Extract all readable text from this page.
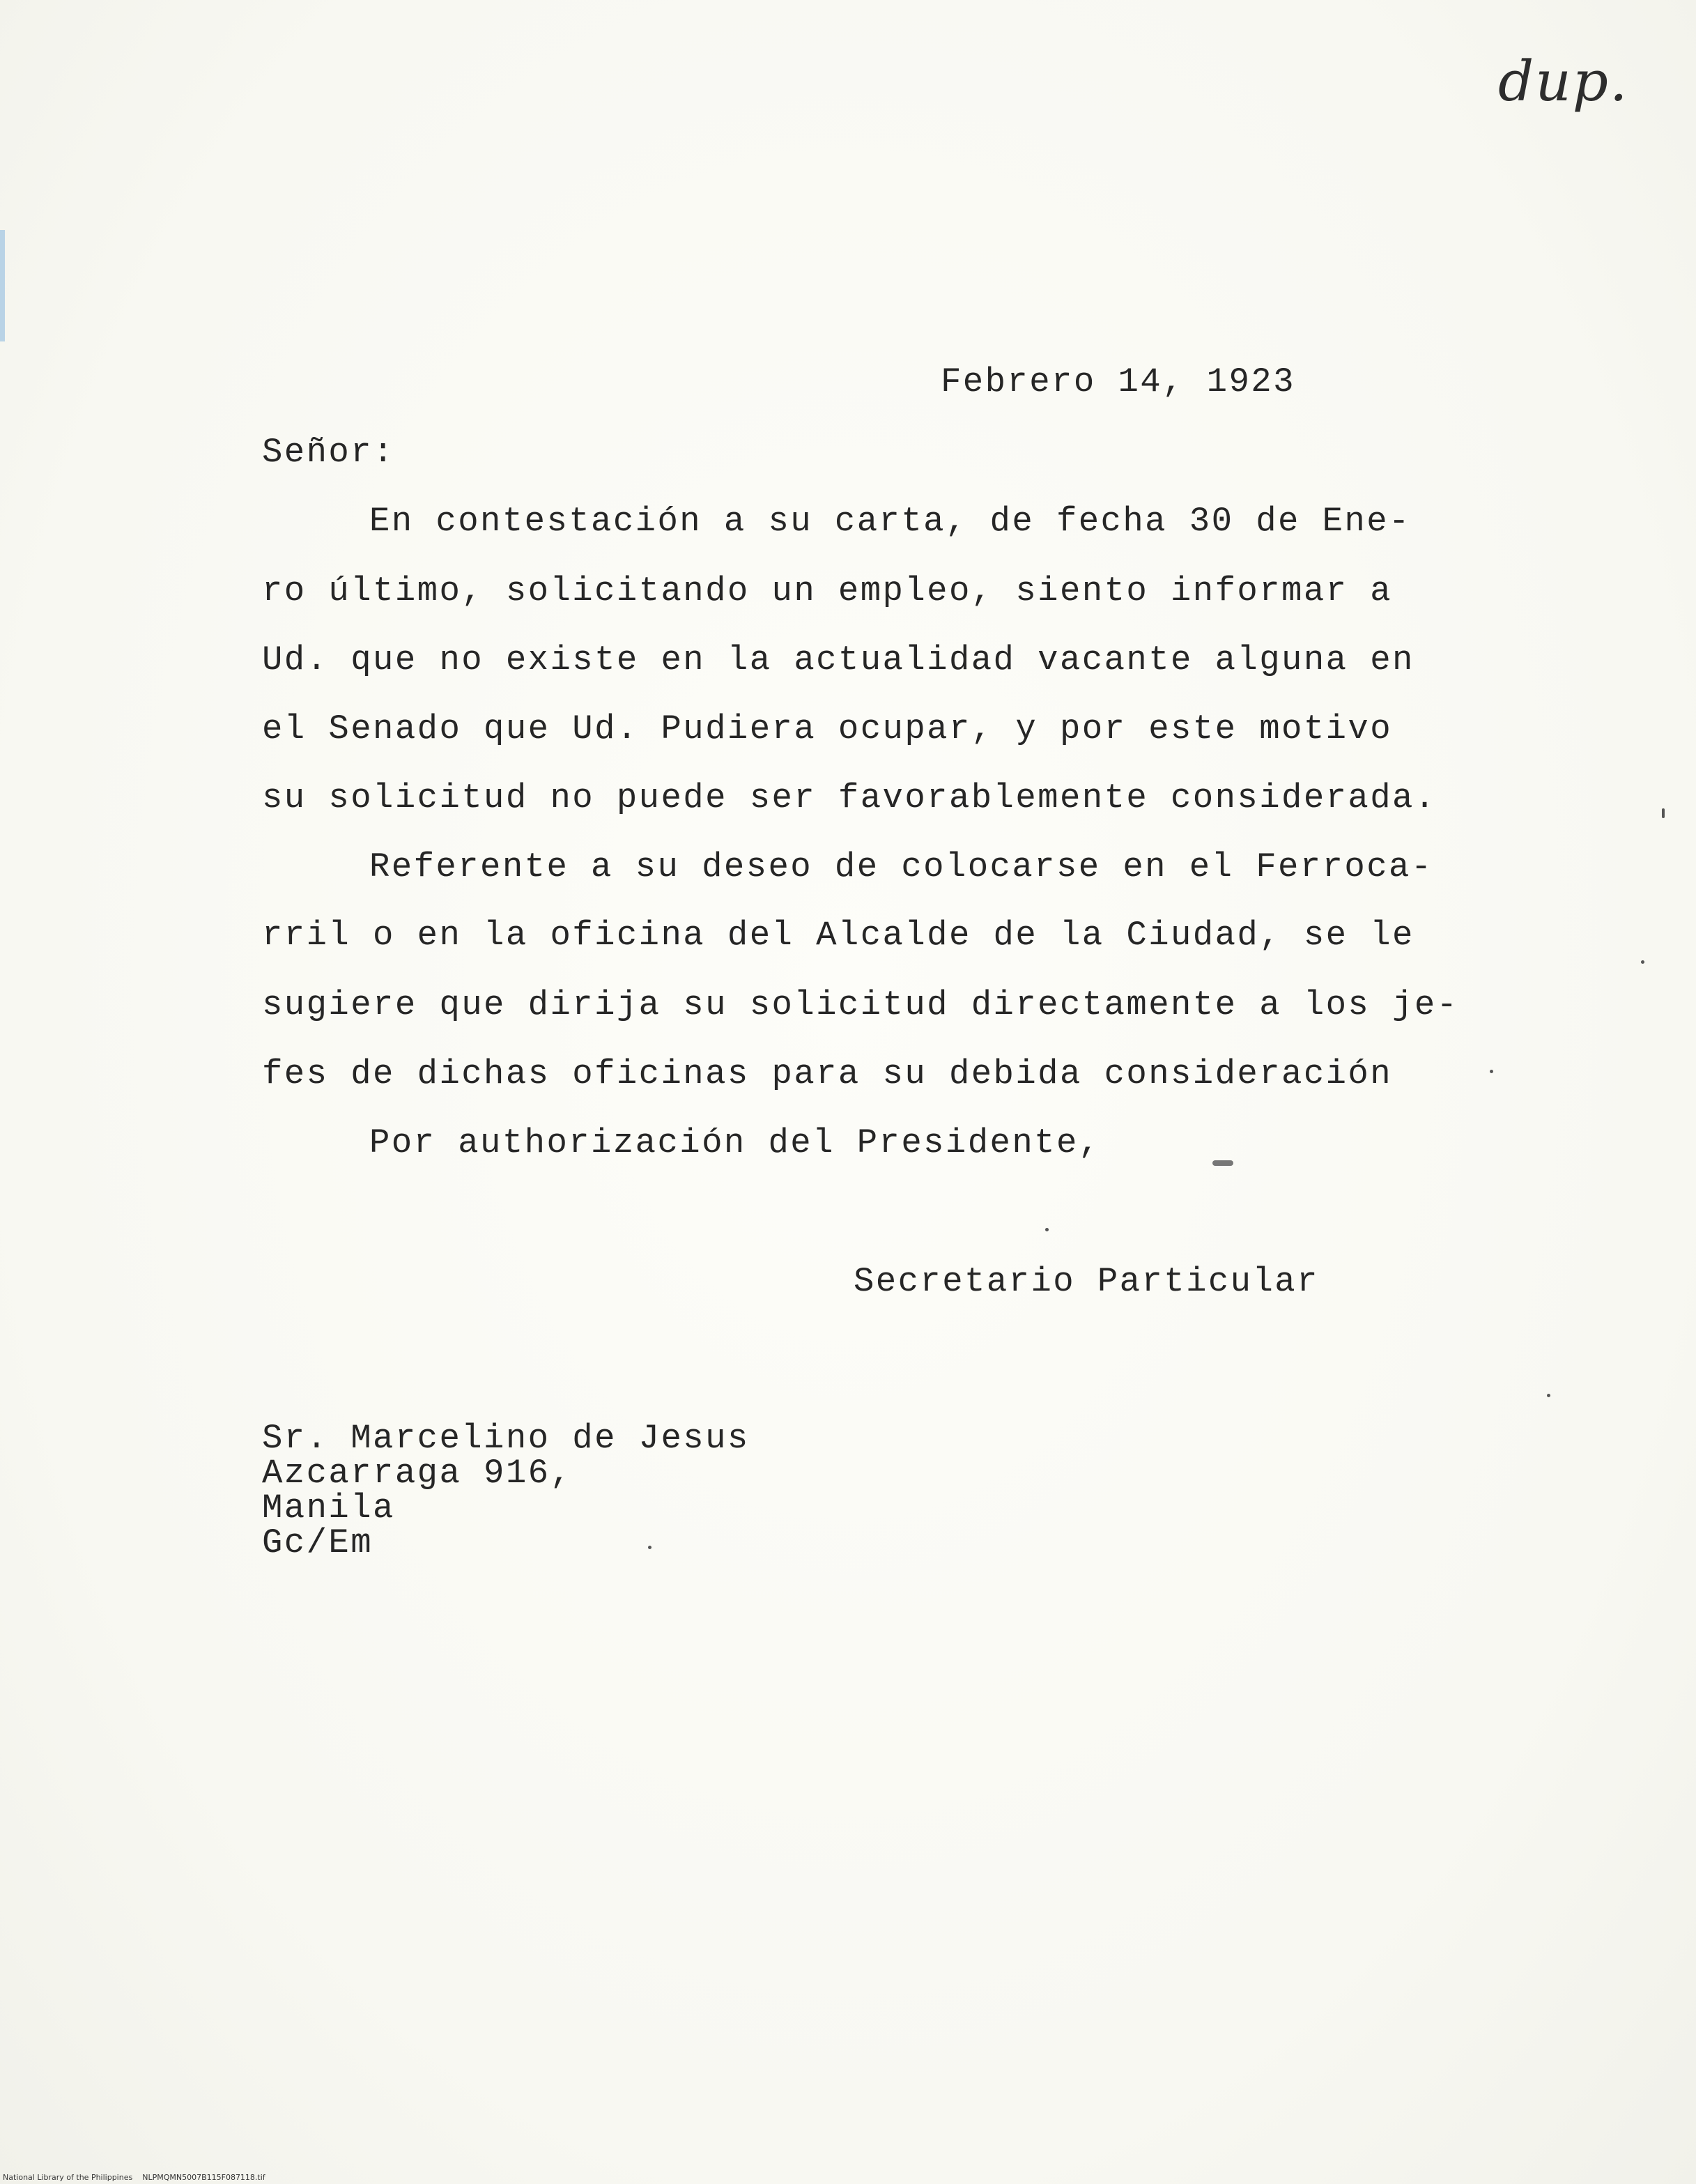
dup.
Febrero 14, 1923
Señor:
En contestación a su carta, de fecha 30 de Ene-
ro último, solicitando un empleo, siento informar a
Ud. que no existe en la actualidad vacante alguna en
el Senado que Ud. Pudiera ocupar, y por este motivo
su solicitud no puede ser favorablemente considerada.
Referente a su deseo de colocarse en el Ferroca-
rril o en la oficina del Alcalde de la Ciudad, se le
sugiere que dirija su solicitud directamente a los je-
fes de dichas oficinas para su debida consideración
Por authorización del Presidente,
Secretario Particular
Sr. Marcelino de Jesus
Azcarraga 916,
Manila
Gc/Em
National Library of the Philippines NLPMQMN5007B115F087118.tif
